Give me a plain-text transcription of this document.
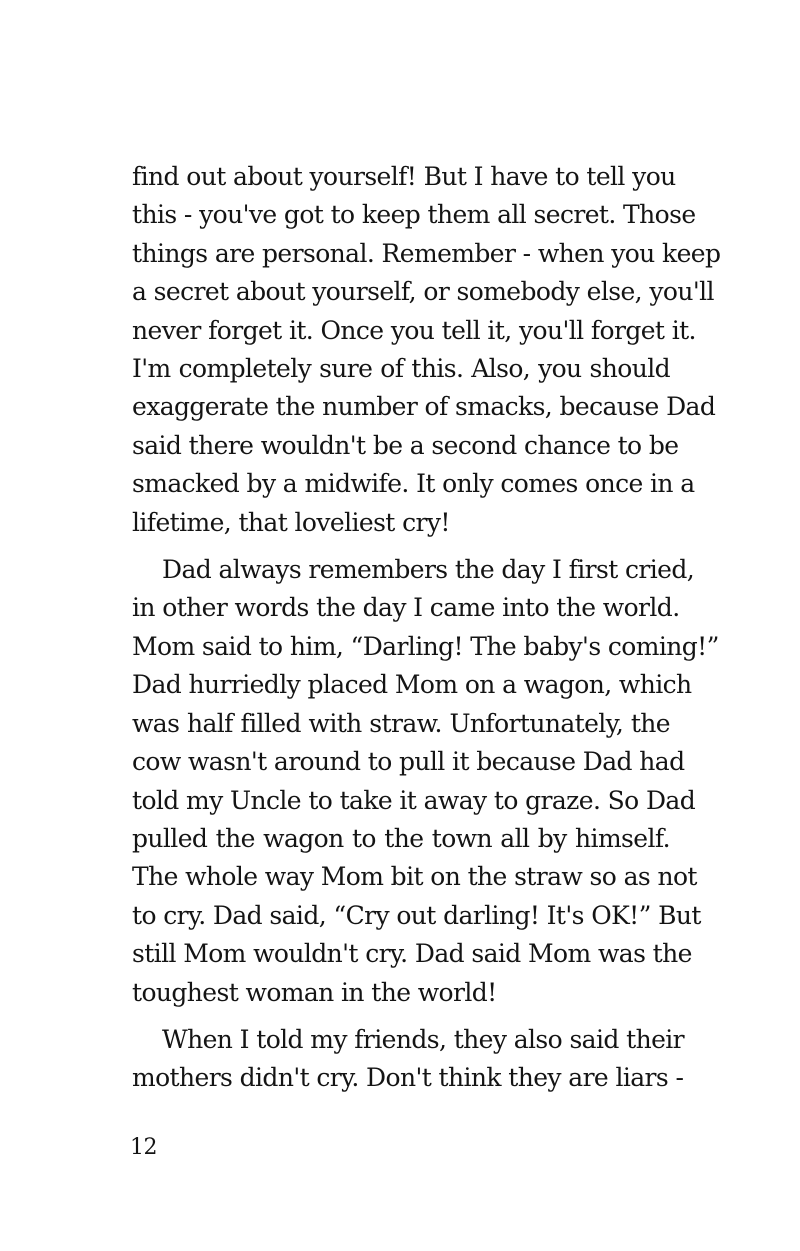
find out about yourself! But I have to tell you
this - you've got to keep them all secret. Those
things are personal. Remember - when you keep
a secret about yourself, or somebody else, you'll
never forget it. Once you tell it, you'll forget it.
I'm completely sure of this. Also, you should
exaggerate the number of smacks, because Dad
said there wouldn't be a second chance to be
smacked by a midwife. It only comes once in a
lifetime, that loveliest cry!

Dad always remembers the day I first cried,
in other words the day I came into the world.
Mom said to him, “Darling! The baby's coming!”
Dad hurriedly placed Mom on a wagon, which
was half filled with straw. Unfortunately, the
cow wasn't around to pull it because Dad had
told my Uncle to take it away to graze. So Dad
pulled the wagon to the town all by himself.
The whole way Mom bit on the straw so as not
to cry. Dad said, “Cry out darling! It's OK!” But
still Mom wouldn't cry. Dad said Mom was the
toughest woman in the world!

When I told my friends, they also said their
mothers didn't cry. Don't think they are liars -

12
